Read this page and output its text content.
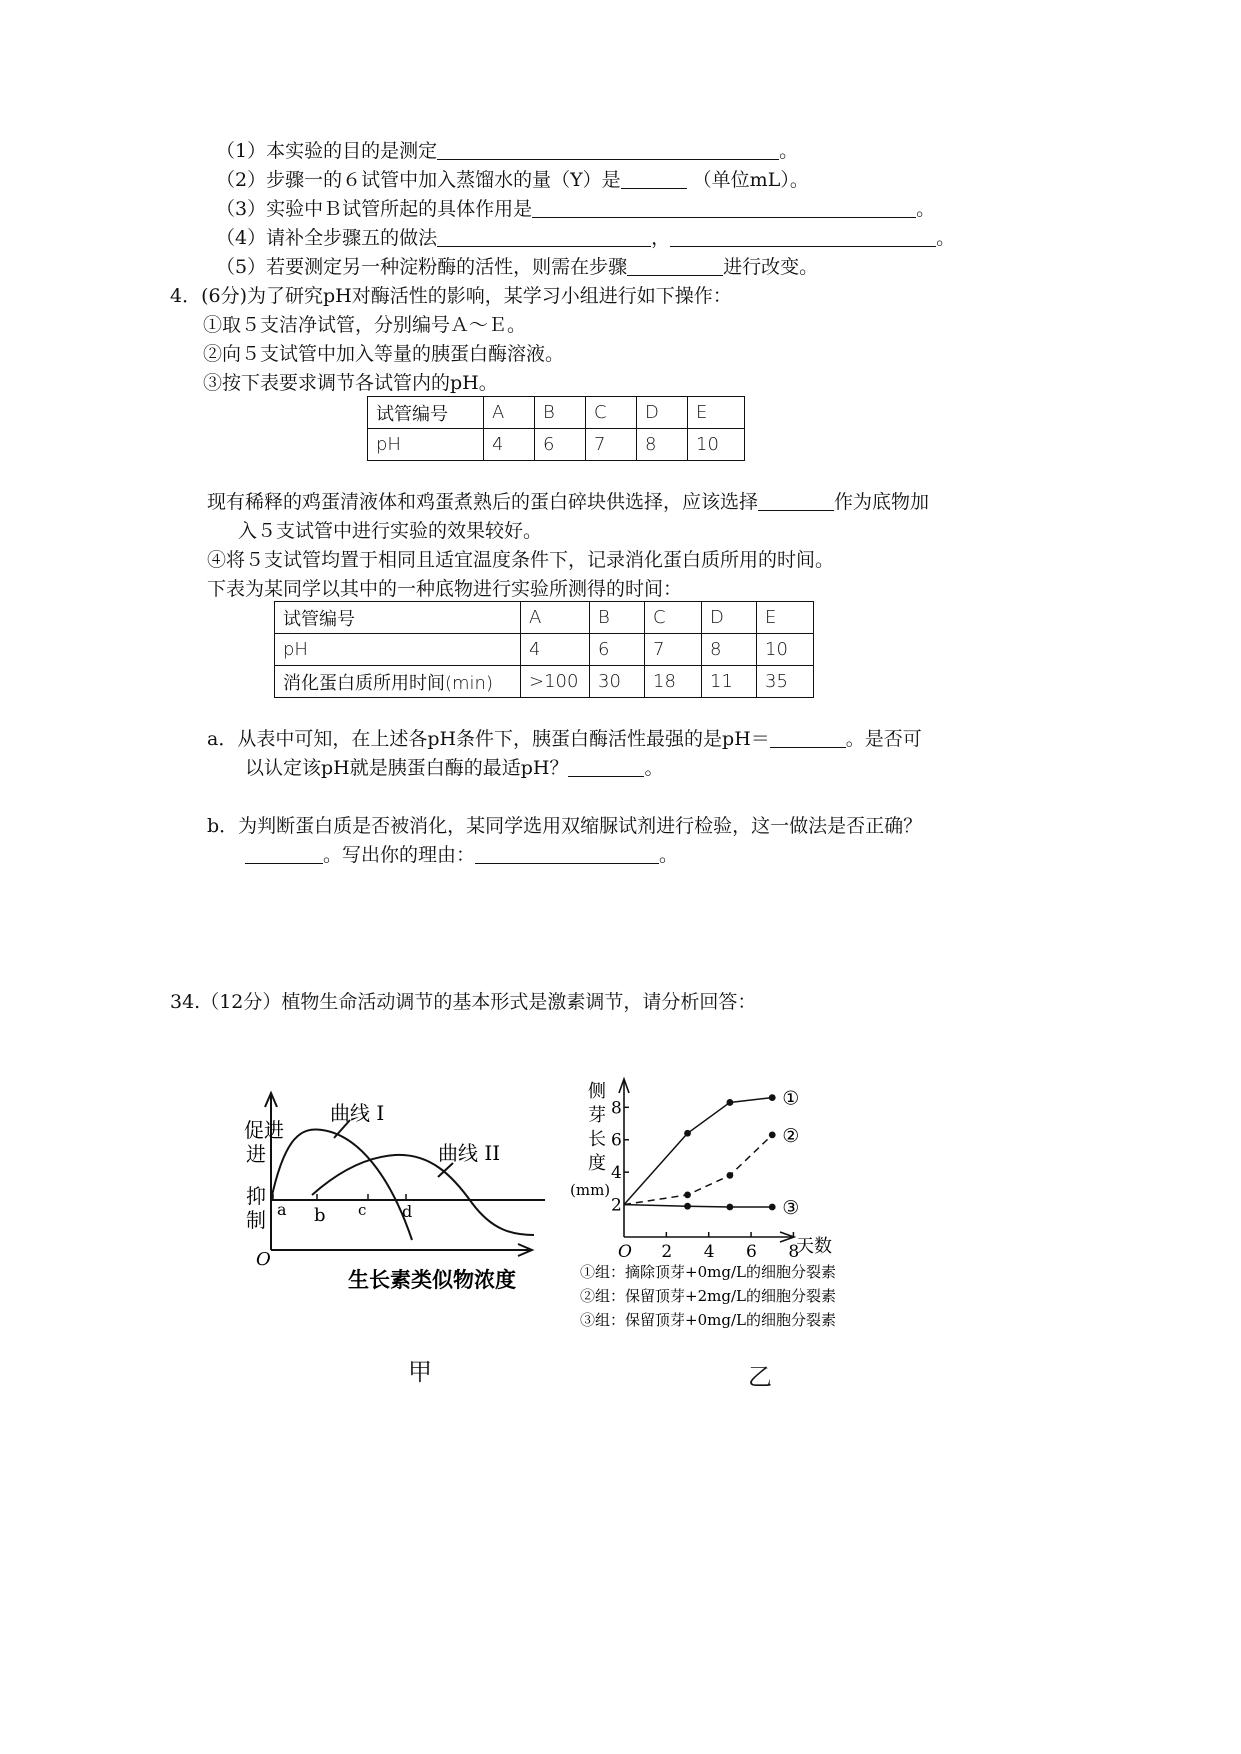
（1）本实验的目的是测定	。
（2）步骤一的６试管中加入蒸馏水的量（Y）是	（单位mL）。
（3）实验中Ｂ试管所起的具体作用是	。
（4）请补全步骤五的做法	，	。
（5）若要测定另一种淀粉酶的活性，则需在步骤	进行改变。
4．(6分)为了研究pH对酶活性的影响，某学习小组进行如下操作：
①取５支洁净试管，分别编号Ａ～Ｅ。
②向５支试管中加入等量的胰蛋白酶溶液。
③按下表要求调节各试管内的pH。
试管编号	A	B	C	D	E
pH	4	6	7	8	10
现有稀释的鸡蛋清液体和鸡蛋煮熟后的蛋白碎块供选择，应该选择	作为底物加
入５支试管中进行实验的效果较好。
④将５支试管均置于相同且适宜温度条件下，记录消化蛋白质所用的时间。
下表为某同学以其中的一种底物进行实验所测得的时间：
试管编号	A	B	C	D	E
pH	4	6	7	8	10
消化蛋白质所用时间(min)	>100	30	18	11	35
a．从表中可知，在上述各pH条件下，胰蛋白酶活性最强的是pH＝	。是否可
以认定该pH就是胰蛋白酶的最适pH？	。
b．为判断蛋白质是否被消化，某同学选用双缩脲试剂进行检验，这一做法是否正确？
。写出你的理由：	。
34.（12分）植物生命活动调节的基本形式是激素调节，请分析回答：
促进
进
抑
制
O
a b c d
曲线 I
曲线 II
生长素类似物浓度
甲
侧
芽
长
度
(mm)
2 4 6 8
2
4
6
8
O
①
②
③
天数
①组：摘除顶芽+0mg/L的细胞分裂素
②组：保留顶芽+2mg/L的细胞分裂素
③组：保留顶芽+0mg/L的细胞分裂素
乙
